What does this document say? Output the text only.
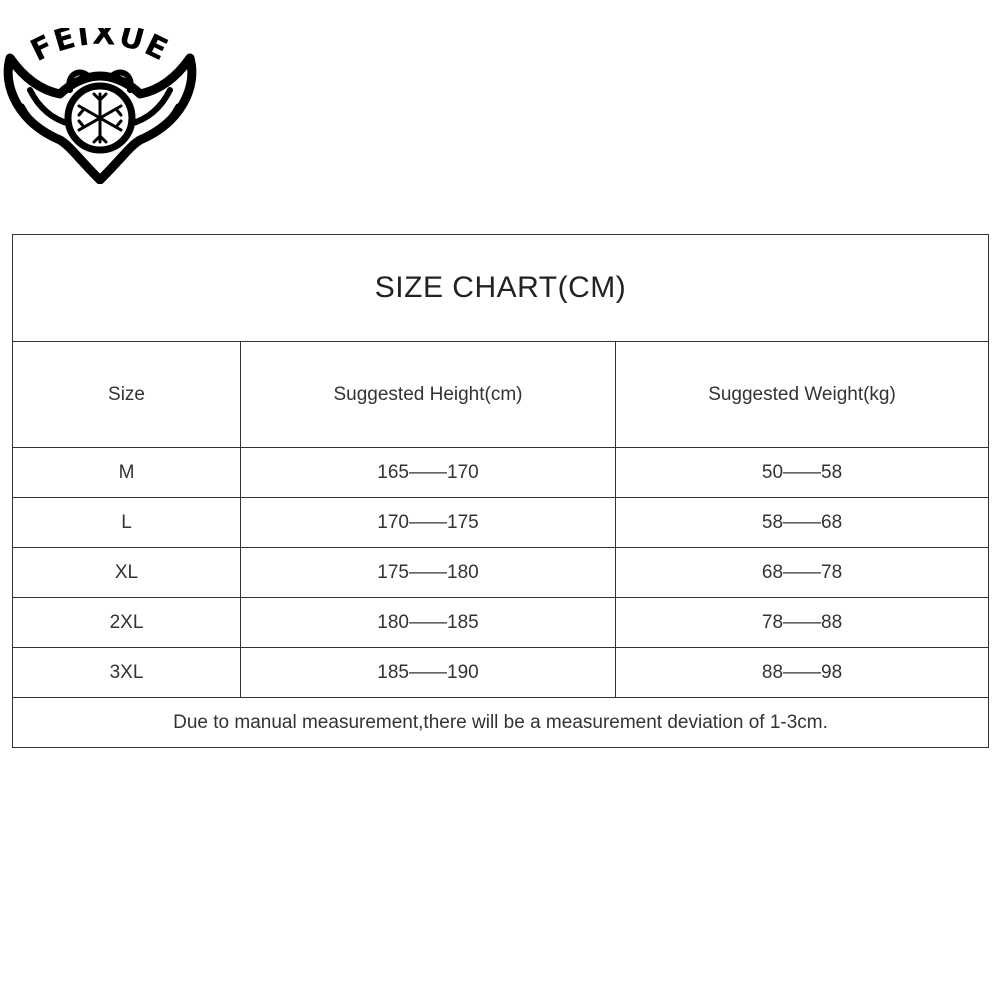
FEIXUE
SIZE CHART(CM)		
Size	Suggested Height(cm)	Suggested Weight(kg)
M	165——170	50——58
L	170——175	58——68
XL	175——180	68——78
2XL	180——185	78——88
3XL	185——190	88——98
Due to manual measurement,there will be a measurement deviation of 1-3cm.		
